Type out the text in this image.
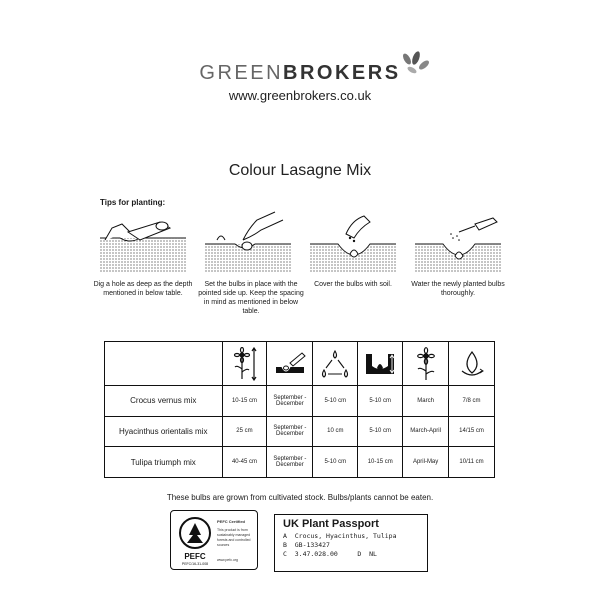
GREENBROKERS
www.greenbrokers.co.uk
Colour Lasagne Mix
Tips for planting:
Dig a hole as deep as the depth mentioned in below table.
Set the bulbs in place with the pointed side up. Keep the spacing in mind as mentioned in below table.
Cover the bulbs with soil.	Water the newly planted bulbs thoroughly.

Crocus vernus mix	10-15 cm	September - December	5-10 cm	5-10 cm	March	7/8 cm
Hyacinthus orientalis mix	25 cm	September - December	10 cm	5-10 cm	March-April	14/15 cm
Tulipa triumph mix	40-45 cm	September - December	5-10 cm	10-15 cm	April-May	10/11 cm
These bulbs are grown from cultivated stock. Bulbs/plants cannot be eaten.
PEFC
PEFC/16-31-008
PEFC Certified
This product is from sustainably managed forests and controlled sources
www.pefc.org
UK Plant Passport
A  Crocus, Hyacinthus, Tulipa
B  GB-133427
C  3.47.028.00     D  NL
